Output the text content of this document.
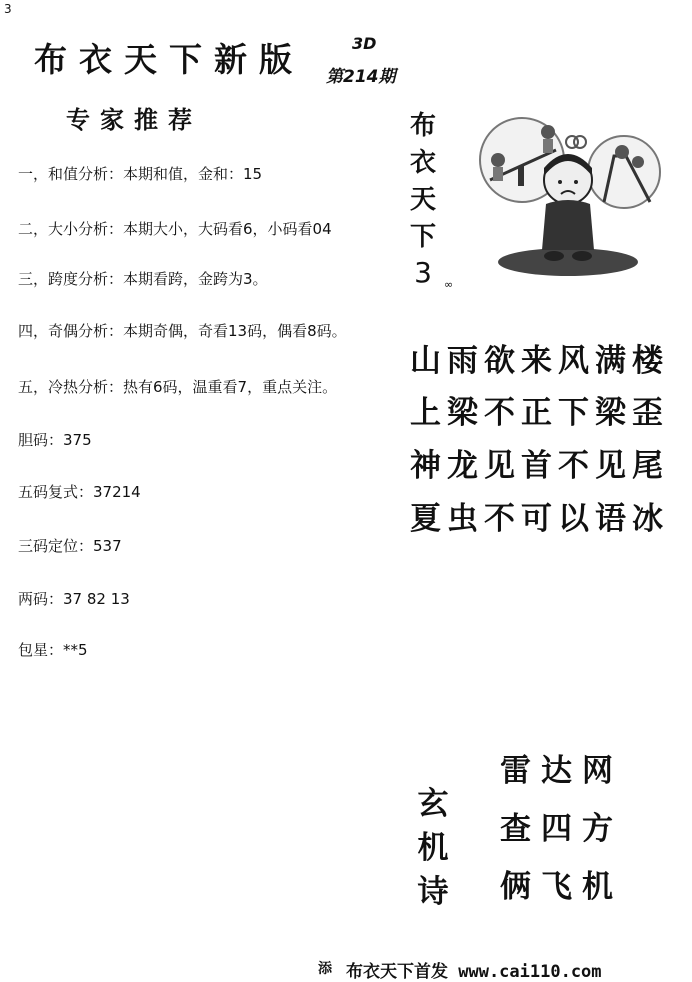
3
布衣天下新版	3D
第214期
专家推荐
一，和值分析：本期和值，金和：15
二，大小分析：本期大小，大码看6，小码看04
三，跨度分析：本期看跨，金跨为3。
四，奇偶分析：本期奇偶，奇看13码，偶看8码。
五，冷热分析：热有6码，温重看7，重点关注。
胆码：375
五码复式：37214
三码定位：537
两码：37 82 13
包星：**5
布
衣
天
下
3	∞
山雨欲来风满楼
上梁不正下梁歪
神龙见首不见尾
夏虫不可以语冰
雷达网
查四方
俩飞机
玄
机
诗
添 布衣天下首发 www.cai110.com
